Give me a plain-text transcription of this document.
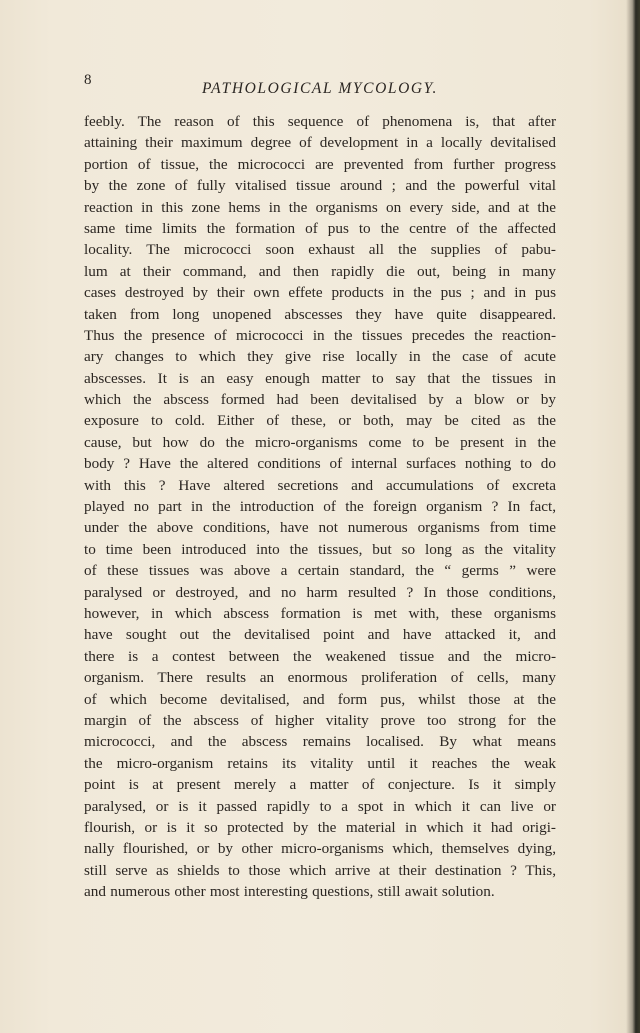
8	PATHOLOGICAL MYCOLOGY.
feebly. The reason of this sequence of phenomena is, that after
attaining their maximum degree of development in a locally devitalised
portion of tissue, the micrococci are prevented from further progress
by the zone of fully vitalised tissue around ; and the powerful vital
reaction in this zone hems in the organisms on every side, and at the
same time limits the formation of pus to the centre of the affected
locality. The micrococci soon exhaust all the supplies of pabu-
lum at their command, and then rapidly die out, being in many
cases destroyed by their own effete products in the pus ; and in pus
taken from long unopened abscesses they have quite disappeared.
Thus the presence of micrococci in the tissues precedes the reaction-
ary changes to which they give rise locally in the case of acute
abscesses. It is an easy enough matter to say that the tissues in
which the abscess formed had been devitalised by a blow or by
exposure to cold. Either of these, or both, may be cited as the
cause, but how do the micro-organisms come to be present in the
body ? Have the altered conditions of internal surfaces nothing to do
with this ? Have altered secretions and accumulations of excreta
played no part in the introduction of the foreign organism ? In fact,
under the above conditions, have not numerous organisms from time
to time been introduced into the tissues, but so long as the vitality
of these tissues was above a certain standard, the “ germs ” were
paralysed or destroyed, and no harm resulted ? In those conditions,
however, in which abscess formation is met with, these organisms
have sought out the devitalised point and have attacked it, and
there is a contest between the weakened tissue and the micro-
organism. There results an enormous proliferation of cells, many
of which become devitalised, and form pus, whilst those at the
margin of the abscess of higher vitality prove too strong for the
micrococci, and the abscess remains localised. By what means
the micro-organism retains its vitality until it reaches the weak
point is at present merely a matter of conjecture. Is it simply
paralysed, or is it passed rapidly to a spot in which it can live or
flourish, or is it so protected by the material in which it had origi-
nally flourished, or by other micro-organisms which, themselves dying,
still serve as shields to those which arrive at their destination ? This,
and numerous other most interesting questions, still await solution.
